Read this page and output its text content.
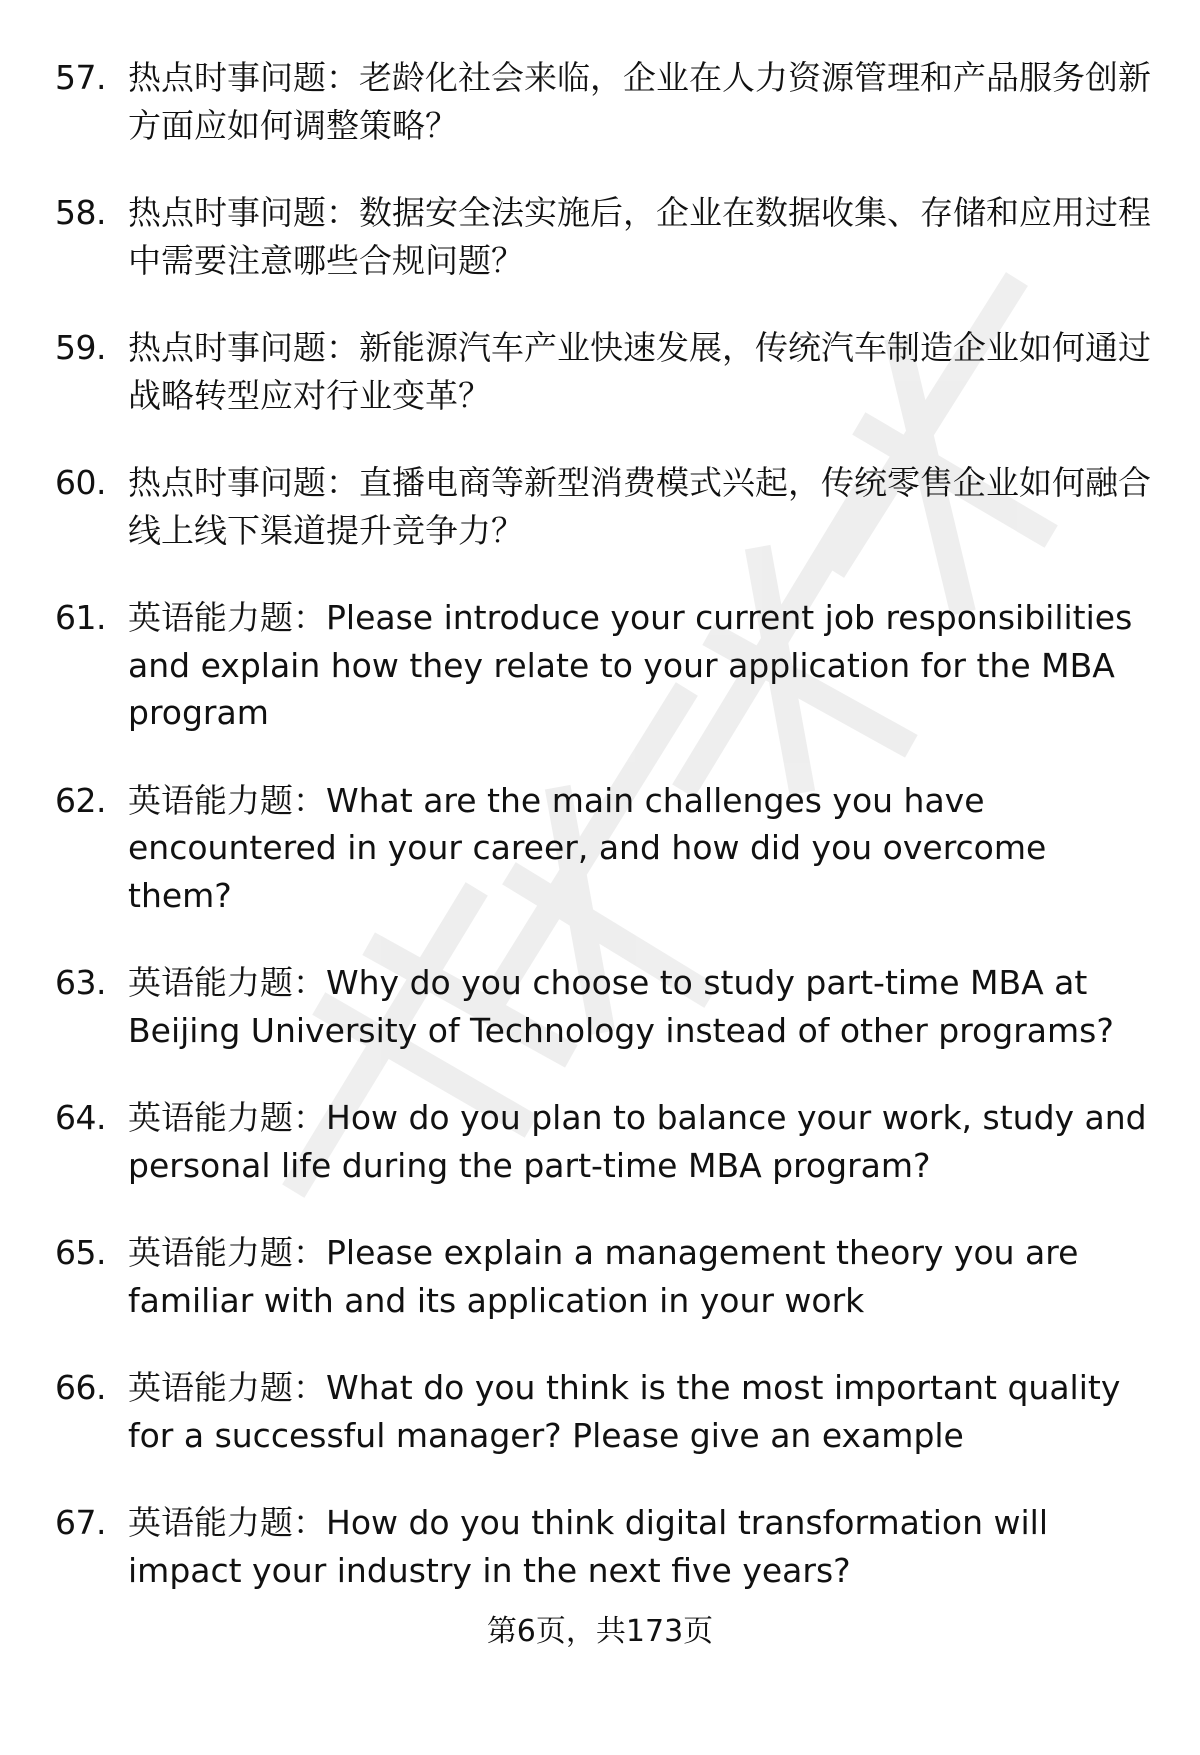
57. 热点时事问题：老龄化社会来临，企业在人力资源管理和产品服务创新方面应如何调整策略？
58. 热点时事问题：数据安全法实施后，企业在数据收集、存储和应用过程中需要注意哪些合规问题？
59. 热点时事问题：新能源汽车产业快速发展，传统汽车制造企业如何通过战略转型应对行业变革？
60. 热点时事问题：直播电商等新型消费模式兴起，传统零售企业如何融合线上线下渠道提升竞争力？
61. 英语能力题：Please introduce your current job responsibilities and explain how they relate to your application for the MBA program
62. 英语能力题：What are the main challenges you have encountered in your career, and how did you overcome them?
63. 英语能力题：Why do you choose to study part-time MBA at Beijing University of Technology instead of other programs?
64. 英语能力题：How do you plan to balance your work, study and personal life during the part-time MBA program?
65. 英语能力题：Please explain a management theory you are familiar with and its application in your work
66. 英语能力题：What do you think is the most important quality for a successful manager? Please give an example
67. 英语能力题：How do you think digital transformation will impact your industry in the next five years?
第6页，共173页
